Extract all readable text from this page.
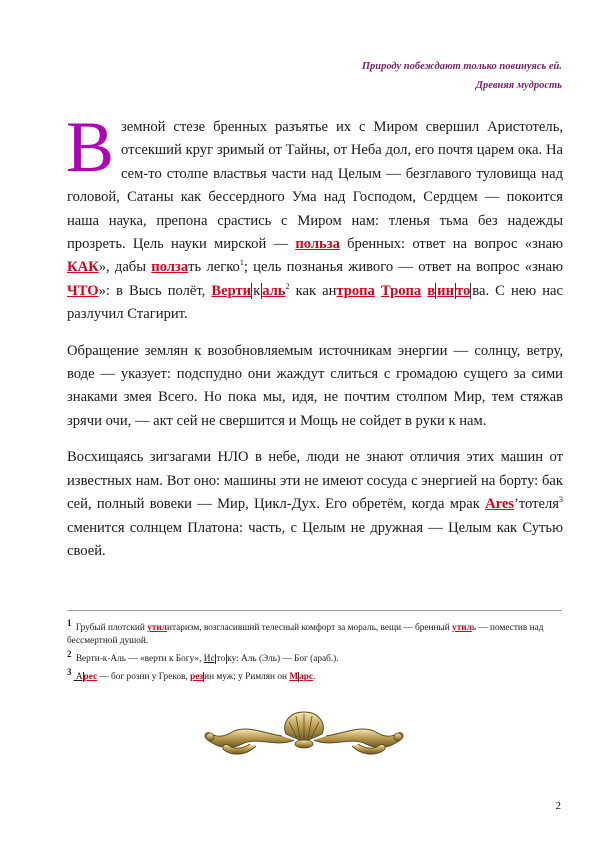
Природу побеждают только повинуясь ей.
Древняя мудрость

В земной стезе бренных разъятье их с Миром свершил Аристотель, отсекший круг зримый от Тайны, от Неба дол, его почтя царем ока. На сем-то столпе властвья части над Целым — безглавого туловища над головой, Сатаны как бессердного Ума над Господом, Сердцем — покоится наша наука, препона срастись с Миром нам: тленья тьма без надежды прозреть. Цель науки мирской — польза бренных: ответ на вопрос «знаю КАК», дабы ползать легко$^1$; цель познанья живого — ответ на вопрос «знаю ЧТО»: в Высь полёт, Верти к аль$^2$ как антропа Тропа в ин то ва. С нею нас разлучил Стагирит.

Обращение землян к возобновляемым источникам энергии — солнцу, ветру, воде — указует: подспудно они жаждут слиться с громадою сущего за сими знаками змея Всего. Но пока мы, идя, не почтим столпом Мир, тем стяжав зрячи очи, — акт сей не свершится и Мощь не сойдет в руки к нам.

Восхищаясь зигзагами НЛО в небе, люди не знают отличия этих машин от известных нам. Вот оно: машины эти не имеют сосуда с энергией на борту: бак сей, полный вовеки — Мир, Цикл-Дух. Его обретём, когда мрак Ares’тотеля$^3$ сменится солнцем Платона: часть, с Целым не дружная — Целым как Сутью своей.

1 Грубый плотский утилитаризм, возгласивший телесный комфорт за мораль, вещи — бренный утиль — поместив над бессмертной душой.
2 Верти-к-Аль — «верти к Богу», Ис то ку: Аль (Эль) — Бог (араб.).
3 Арес — бог розни у Греков, резин муж; у Римлян он Марс.
2
